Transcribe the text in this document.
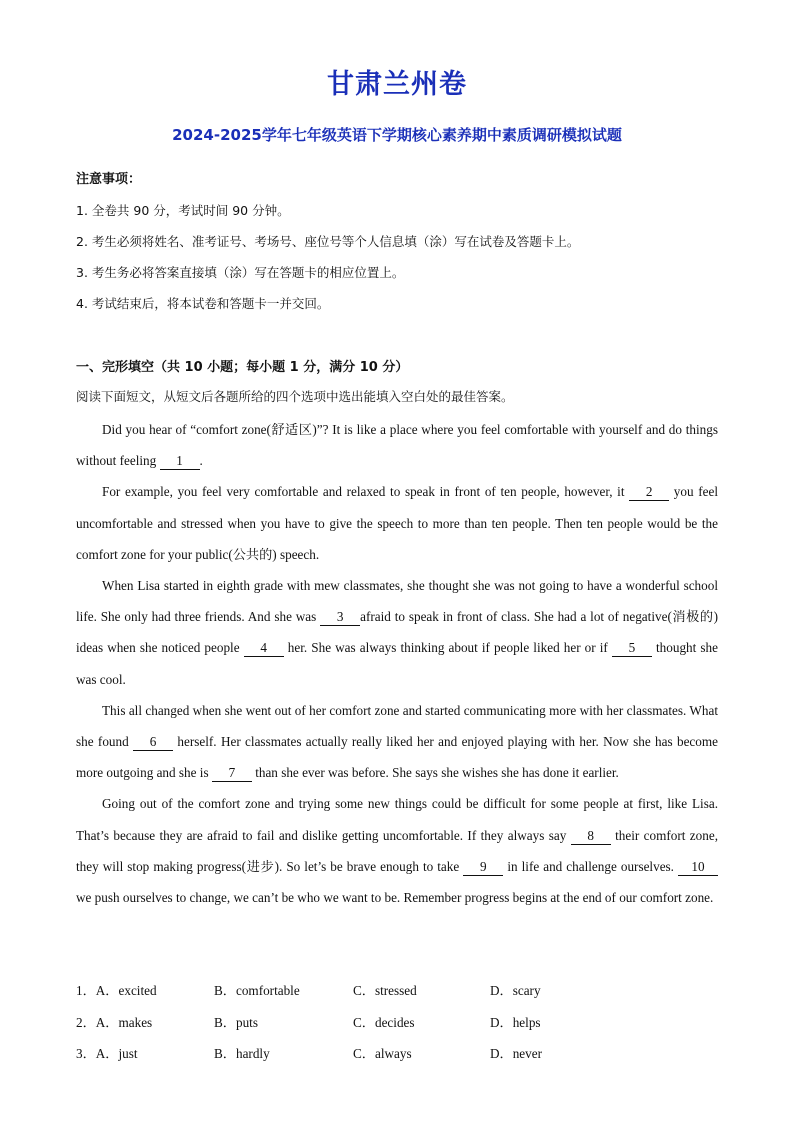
甘肃兰州卷
2024-2025学年七年级英语下学期核心素养期中素质调研模拟试题
注意事项：
1. 全卷共 90 分，考试时间 90 分钟。
2. 考生必须将姓名、准考证号、考场号、座位号等个人信息填（涂）写在试卷及答题卡上。
3. 考生务必将答案直接填（涂）写在答题卡的相应位置上。
4. 考试结束后，将本试卷和答题卡一并交回。
一、完形填空（共 10 小题；每小题 1 分，满分 10 分）
阅读下面短文，从短文后各题所给的四个选项中选出能填入空白处的最佳答案。

Did you hear of “comfort zone(舒适区)”? It is like a place where you feel comfortable with yourself and do things without feeling 1 .

For example, you feel very comfortable and relaxed to speak in front of ten people, however, it 2 you feel uncomfortable and stressed when you have to give the speech to more than ten people. Then ten people would be the comfort zone for your public(公共的) speech.

When Lisa started in eighth grade with mew classmates, she thought she was not going to have a wonderful school life. She only had three friends. And she was 3 afraid to speak in front of class. She had a lot of negative(消极的) ideas when she noticed people 4 her. She was always thinking about if people liked her or if 5 thought she was cool.

This all changed when she went out of her comfort zone and started communicating more with her classmates. What she found 6 herself. Her classmates actually really liked her and enjoyed playing with her. Now she has become more outgoing and she is 7 than she ever was before. She says she wishes she has done it earlier.

Going out of the comfort zone and trying some new things could be difficult for some people at first, like Lisa. That’s because they are afraid to fail and dislike getting uncomfortable. If they always say 8 their comfort zone, they will stop making progress(进步). So let’s be brave enough to take 9 in life and challenge ourselves. 10 we push ourselves to change, we can’t be who we want to be. Remember progress begins at the end of our comfort zone.

1．A．excited	B．comfortable	C．stressed	D．scary
2．A．makes	B．puts	C．decides	D．helps
3．A．just	B．hardly	C．always	D．never
